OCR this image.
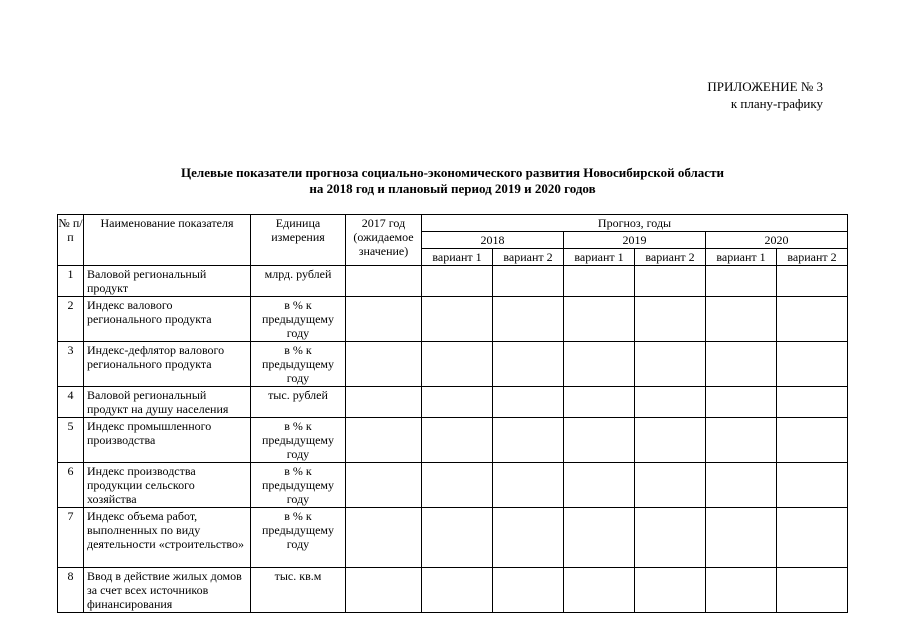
ПРИЛОЖЕНИЕ № 3
к плану-графику
Целевые показатели прогноза социально-экономического развития Новосибирской области
на 2018 год и плановый период 2019 и 2020 годов
№ п/п	Наименование показателя	Единица измерения	2017 год (ожидаемое значение)	Прогноз, годы					
				2018		2019		2020	
				вариант 1	вариант 2	вариант 1	вариант 2	вариант 1	вариант 2
1	Валовой региональный продукт	млрд. рублей							
2	Индекс валового регионального продукта	в % к предыдущему году							
3	Индекс-дефлятор валового регионального продукта	в % к предыдущему году							
4	Валовой региональный продукт на душу населения	тыс. рублей							
5	Индекс промышленного производства	в % к предыдущему году							
6	Индекс производства продукции сельского хозяйства	в % к предыдущему году							
7	Индекс объема работ, выполненных по виду деятельности «строительство»	в % к предыдущему году							
8	Ввод в действие жилых домов за счет всех источников финансирования	тыс. кв.м							
